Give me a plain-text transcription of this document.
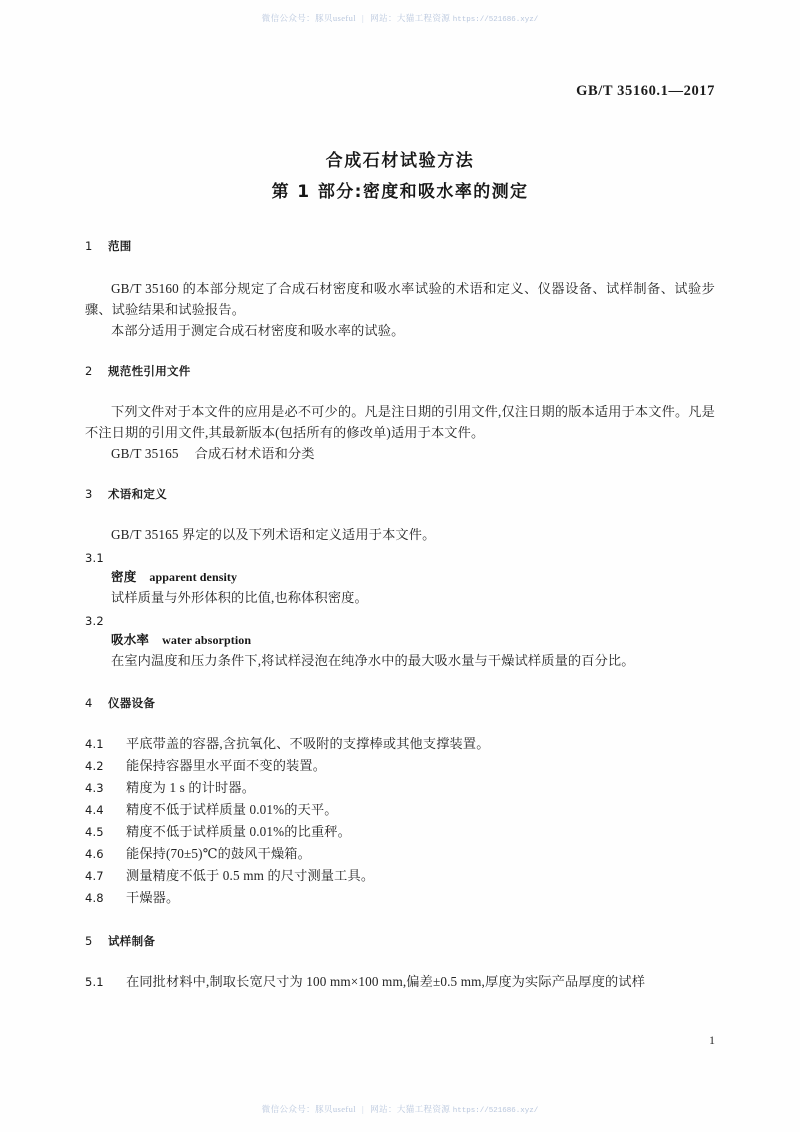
微信公众号：豚贝useful | 网站：大猫工程资源 https://521686.xyz/
GB/T 35160.1—2017
合成石材试验方法
第 1 部分:密度和吸水率的测定
1 范围

GB/T 35160 的本部分规定了合成石材密度和吸水率试验的术语和定义、仪器设备、试样制备、试验步骤、试验结果和试验报告。

本部分适用于测定合成石材密度和吸水率的试验。

2 规范性引用文件

下列文件对于本文件的应用是必不可少的。凡是注日期的引用文件,仅注日期的版本适用于本文件。凡是不注日期的引用文件,其最新版本(包括所有的修改单)适用于本文件。

GB/T 35165 合成石材术语和分类
3 术语和定义

GB/T 35165 界定的以及下列术语和定义适用于本文件。

3.1
密度 apparent density
试样质量与外形体积的比值,也称体积密度。
3.2
吸水率 water absorption
在室内温度和压力条件下,将试样浸泡在纯净水中的最大吸水量与干燥试样质量的百分比。
4 仪器设备
4.1	平底带盖的容器,含抗氧化、不吸附的支撑棒或其他支撑装置。
4.2	能保持容器里水平面不变的装置。
4.3	精度为 1 s 的计时器。
4.4	精度不低于试样质量 0.01%的天平。
4.5	精度不低于试样质量 0.01%的比重秤。
4.6	能保持(70±5)℃的鼓风干燥箱。
4.7	测量精度不低于 0.5 mm 的尺寸测量工具。
4.8	干燥器。
5 试样制备
5.1	在同批材料中,制取长宽尺寸为 100 mm×100 mm,偏差±0.5 mm,厚度为实际产品厚度的试样
1
微信公众号：豚贝useful | 网站：大猫工程资源 https://521686.xyz/
